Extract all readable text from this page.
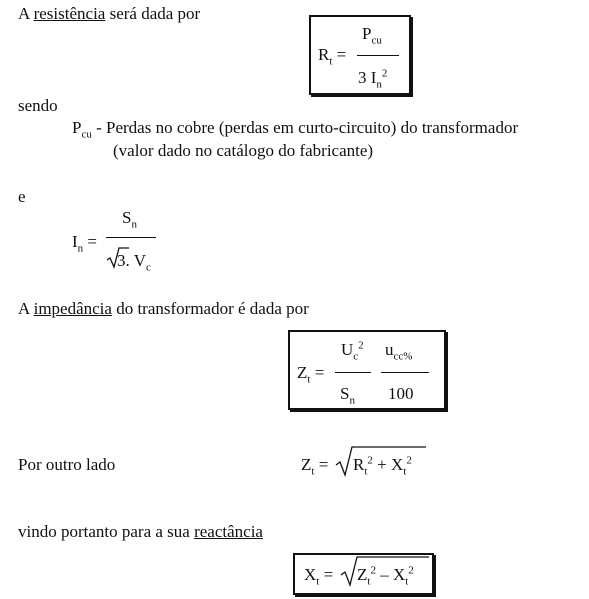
A resistência será dada por
$R_t$ =
$P_{cu}$
3 $I_n^2$
sendo
$P_{cu}$ - Perdas no cobre (perdas em curto-circuito) do transformador
(valor dado no catálogo do fabricante)
e
$I_n$ =
$S_n$
3. $V_c$
A impedância do transformador é dada por
$Z_t$ =
$U_c^2$
$S_n$
$u_{cc\%}$
100
Por outro lado	$Z_t = R_t^2 + X_t^2$
vindo portanto para a sua reactância
$X_t = Z_t^2 - X_t^2$
